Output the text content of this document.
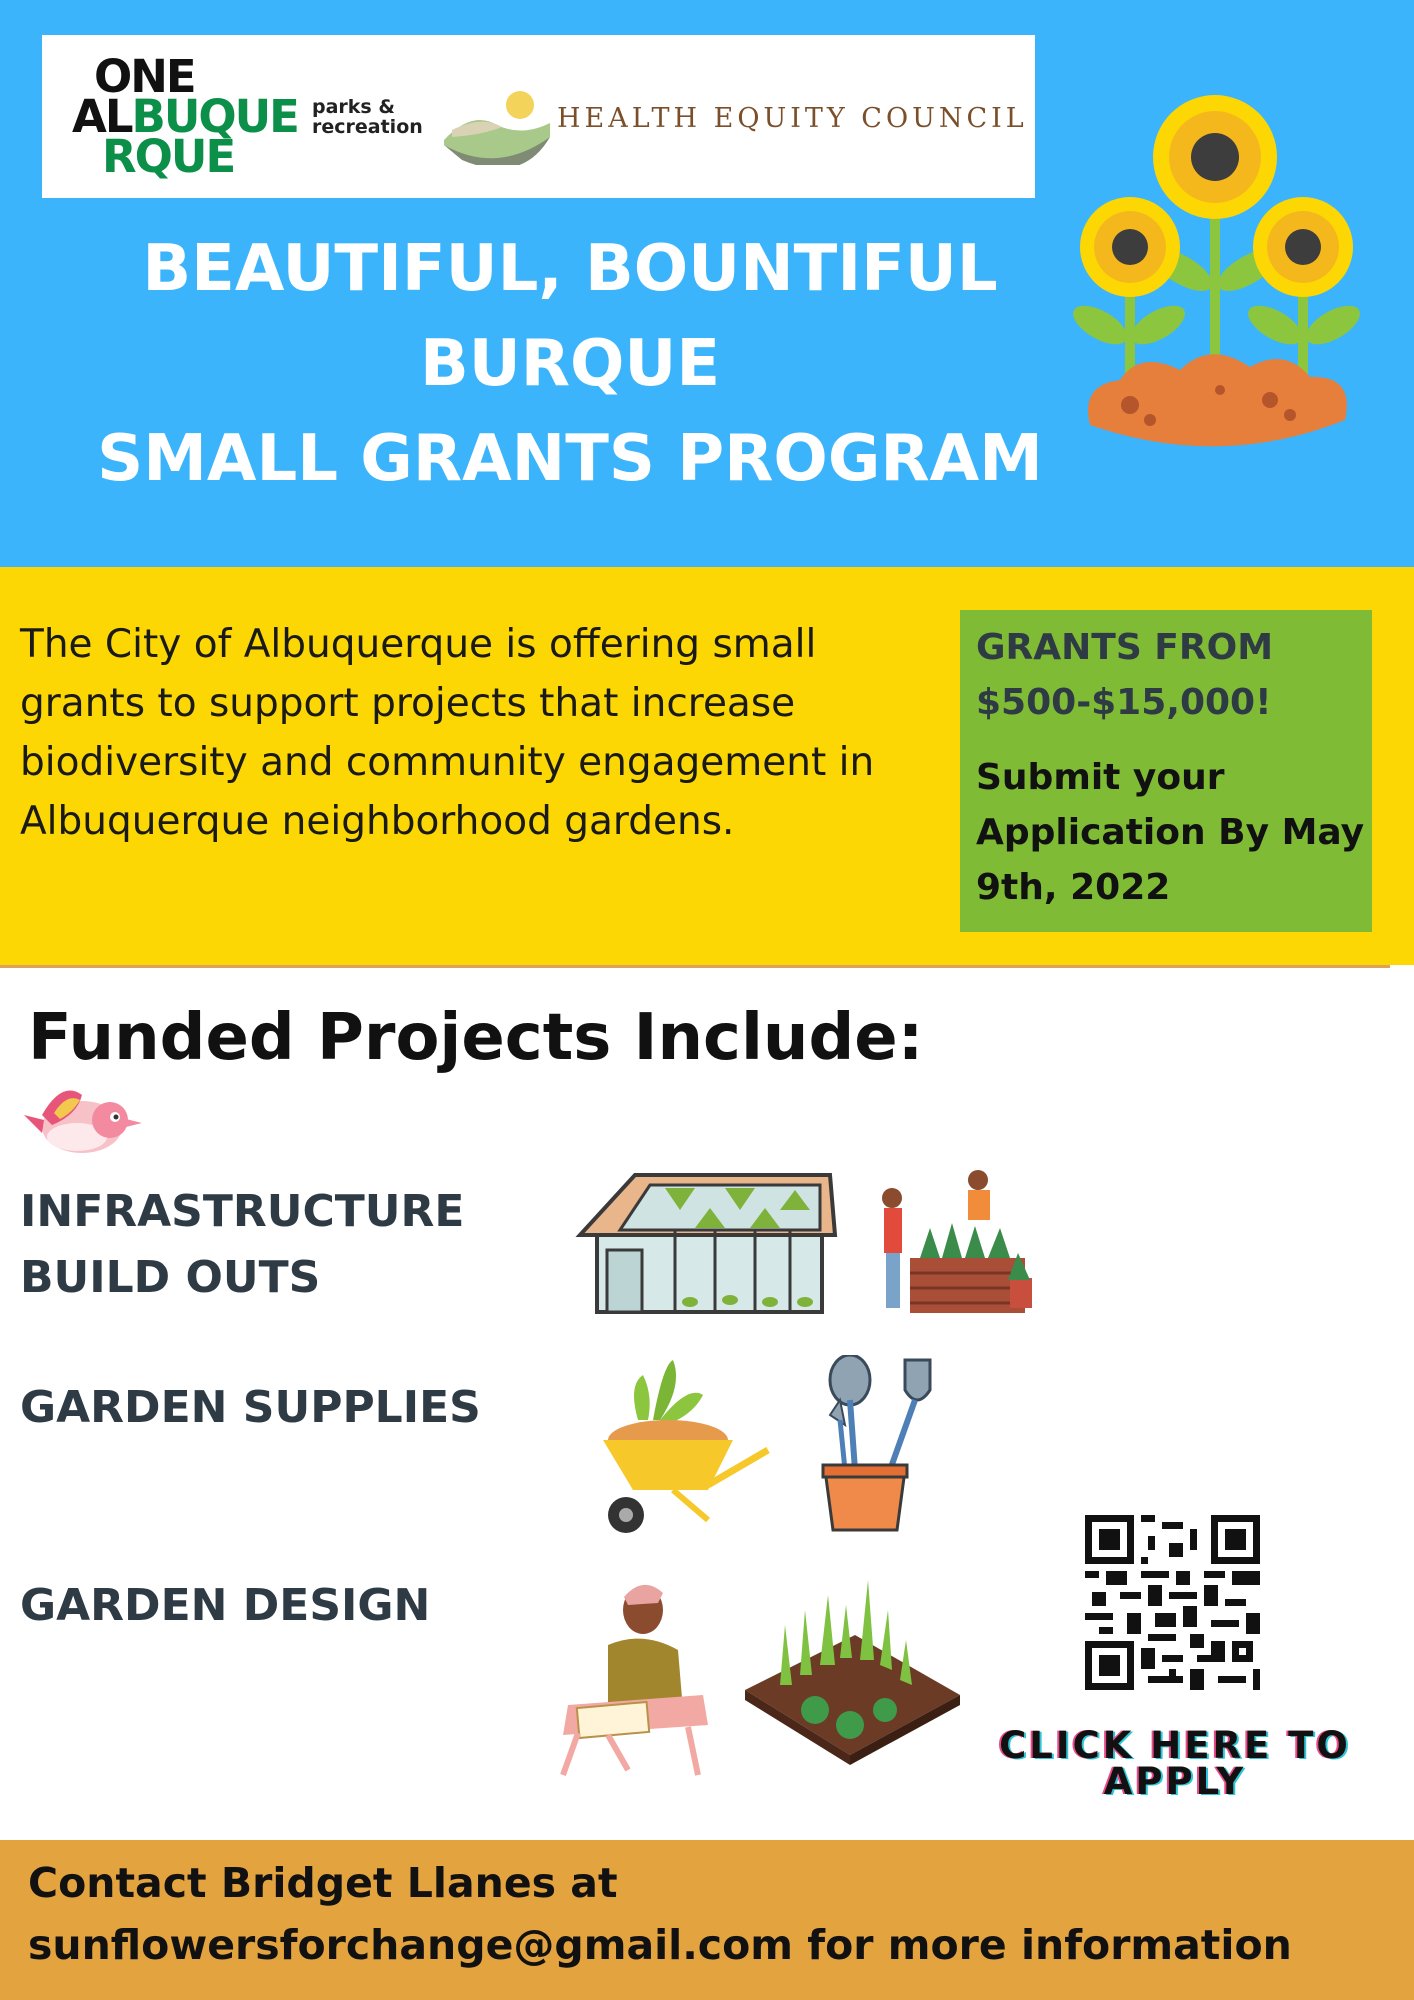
ONE
ALBUQUE
RQUE
parks &
recreation	HEALTH EQUITY COUNCIL
BEAUTIFUL, BOUNTIFUL
BURQUE
SMALL GRANTS PROGRAM
The City of Albuquerque is offering small grants to support projects that increase biodiversity and community engagement in Albuquerque neighborhood gardens.
GRANTS FROM $500-$15,000!
Submit your Application By May 9th, 2022
Funded Projects Include:
INFRASTRUCTURE
BUILD OUTS
GARDEN SUPPLIES
GARDEN DESIGN
CLICK HERE TO
APPLY
Contact Bridget Llanes at
sunflowersforchange@gmail.com for more information
